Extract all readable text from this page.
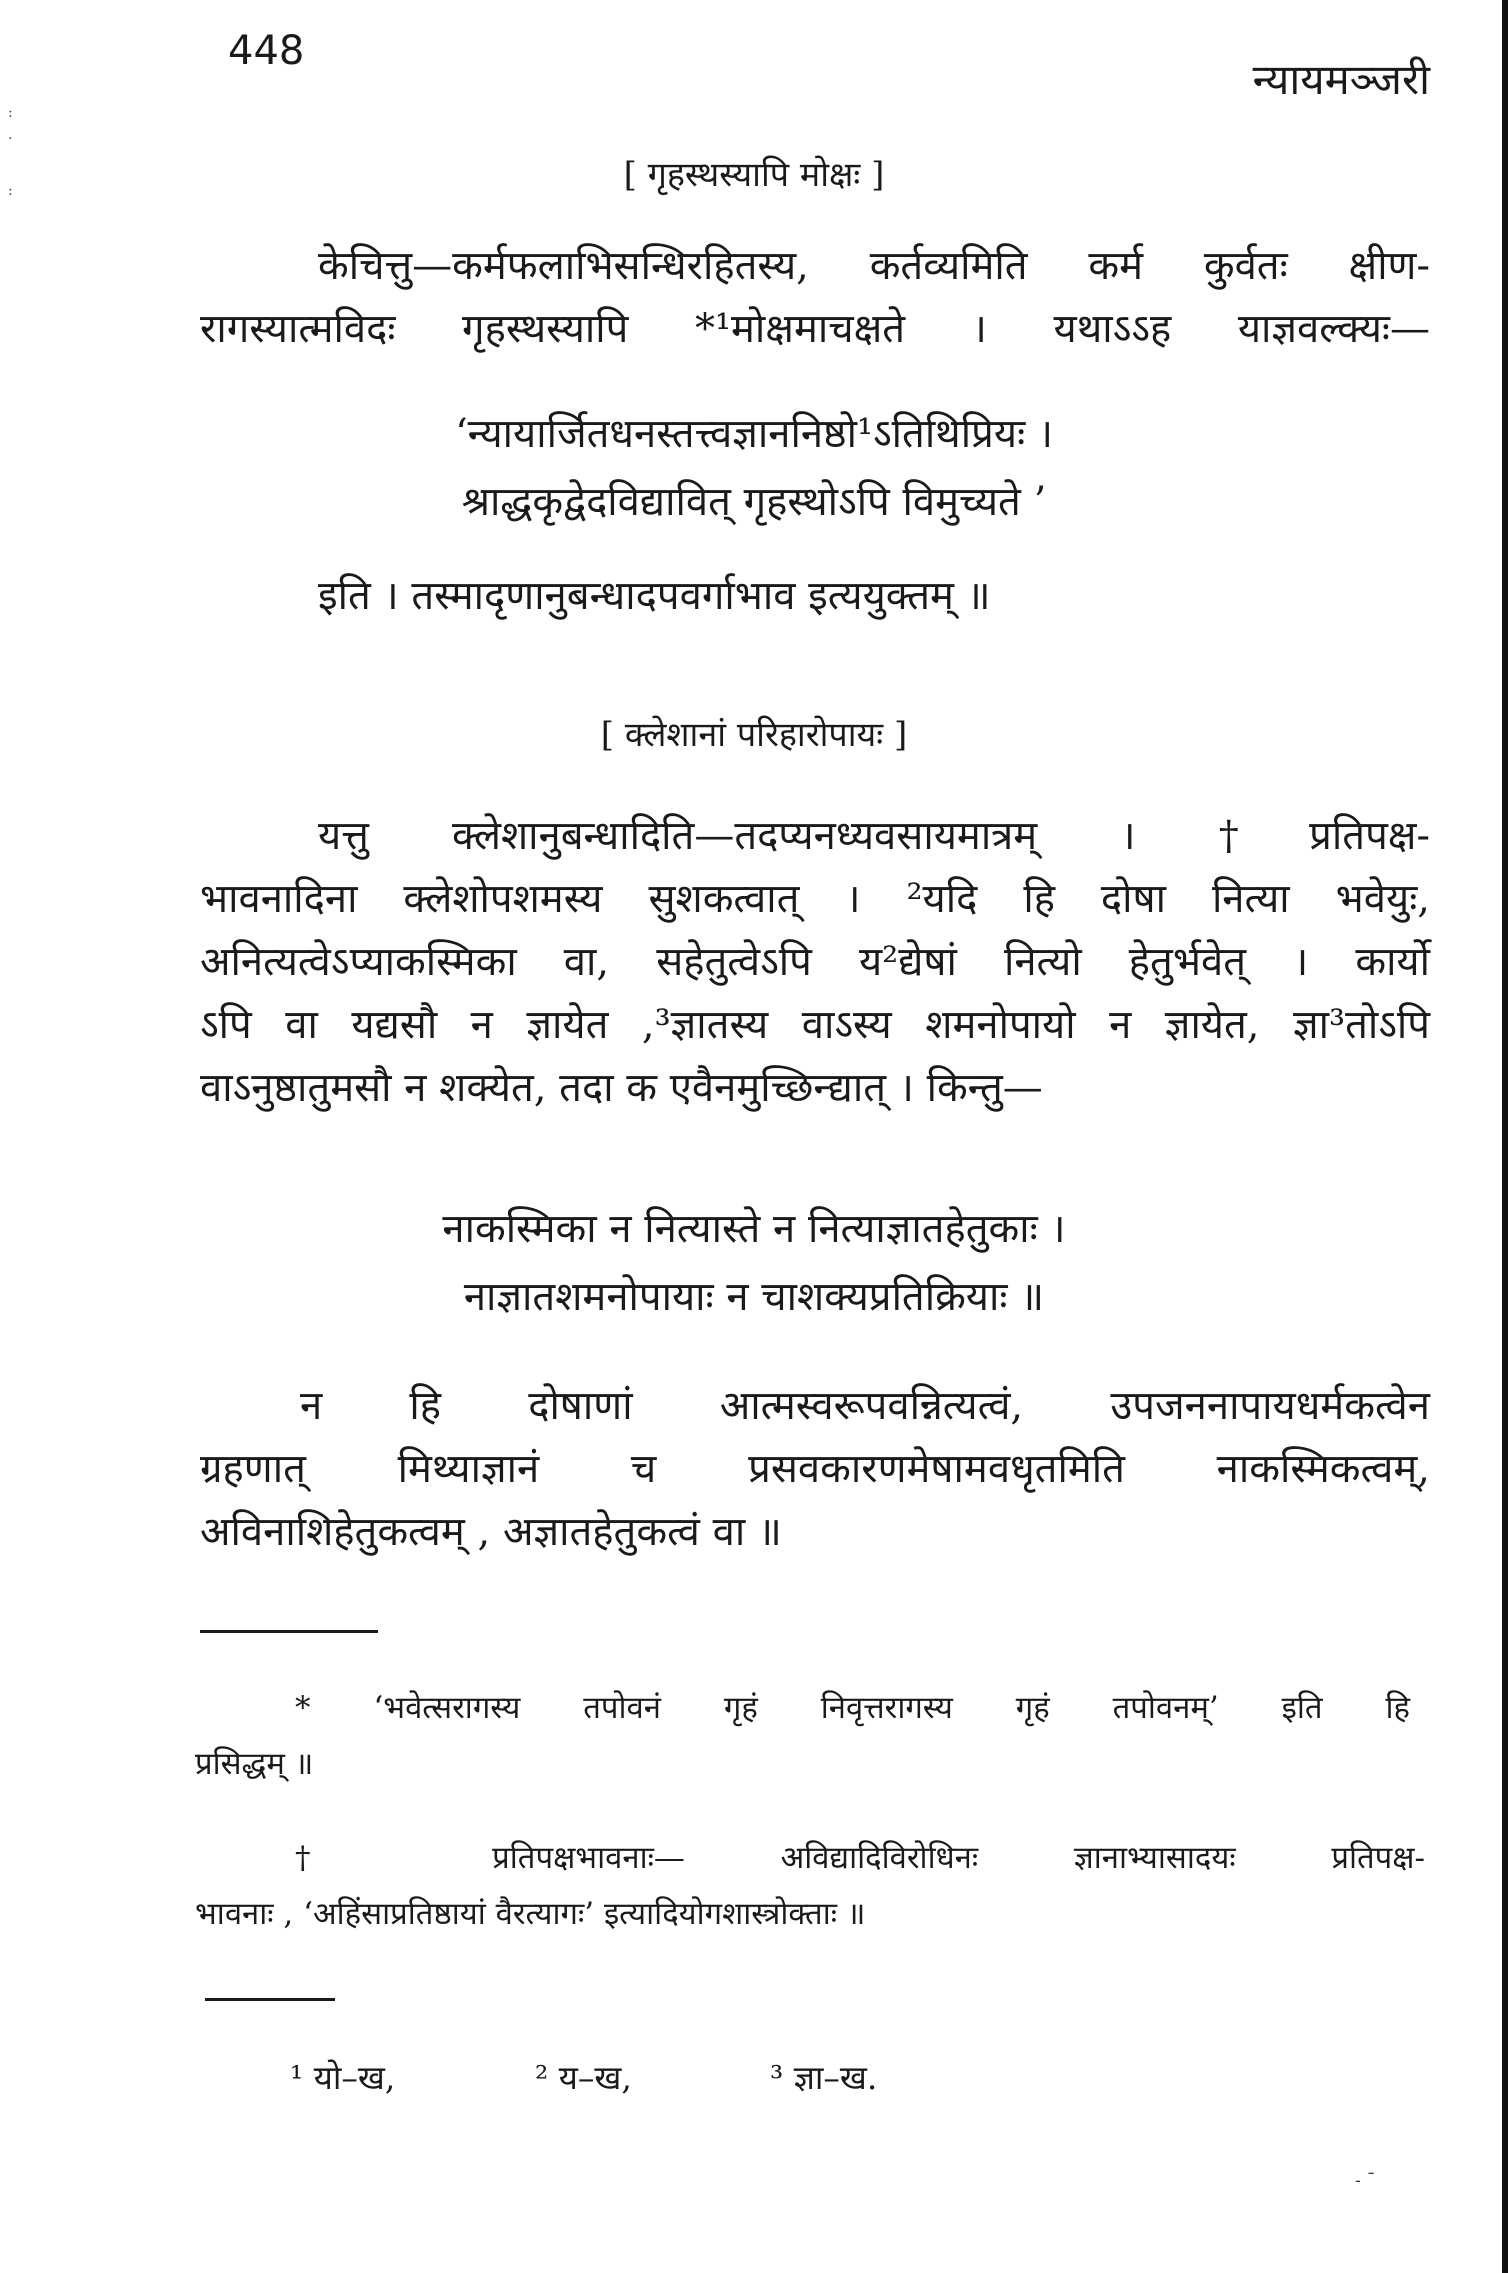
:
·

:
448
न्यायमञ्जरी
[ गृहस्थस्यापि मोक्षः ]
केचित्तु—कर्मफलाभिसन्धिरहितस्य, कर्तव्यमिति कर्म कुर्वतः क्षीण-
रागस्यात्मविदः गृहस्थस्यापि *¹मोक्षमाचक्षते । यथाऽऽह याज्ञवल्क्यः—
‘न्यायार्जितधनस्तत्त्वज्ञाननिष्ठो¹ऽतिथिप्रियः ।
श्राद्धकृद्वेदविद्यावित् गृहस्थोऽपि विमुच्यते ’
इति । तस्मादृणानुबन्धादपवर्गाभाव इत्ययुक्तम् ॥
[ क्लेशानां परिहारोपायः ]
यत्तु क्लेशानुबन्धादिति—तदप्यनध्यवसायमात्रम् । †प्रतिपक्ष-
भावनादिना क्लेशोपशमस्य सुशकत्वात् । ²यदि हि दोषा नित्या भवेयुः,
अनित्यत्वेऽप्याकस्मिका वा, सहेतुत्वेऽपि य²द्येषां नित्यो हेतुर्भवेत् । कार्यो
ऽपि वा यद्यसौ न ज्ञायेत ,³ज्ञातस्य वाऽस्य शमनोपायो न ज्ञायेत, ज्ञा³तोऽपि
वाऽनुष्ठातुमसौ न शक्येत, तदा क एवैनमुच्छिन्द्यात् । किन्तु—
नाकस्मिका न नित्यास्ते न नित्याज्ञातहेतुकाः ।
नाज्ञातशमनोपायाः न चाशक्यप्रतिक्रियाः ॥
न हि दोषाणां आत्मस्वरूपवन्नित्यत्वं, उपजननापायधर्मकत्वेन
ग्रहणात् मिथ्याज्ञानं च प्रसवकारणमेषामवधृतमिति नाकस्मिकत्वम्,
अविनाशिहेतुकत्वम् , अज्ञातहेतुकत्वं वा ॥
* ‘भवेत्सरागस्य तपोवनं गृहं निवृत्तरागस्य गृहं तपोवनम्’ इति हि
प्रसिद्धम् ॥
† प्रतिपक्षभावनाः— अविद्यादिविरोधिनः ज्ञानाभ्यासादयः प्रतिपक्ष-
भावनाः , ‘अहिंसाप्रतिष्ठायां वैरत्यागः’ इत्यादियोगशास्त्रोक्ताः ॥
¹ यो–ख,	² य–ख,	³ ज्ञा–ख.
˗ ˉ
